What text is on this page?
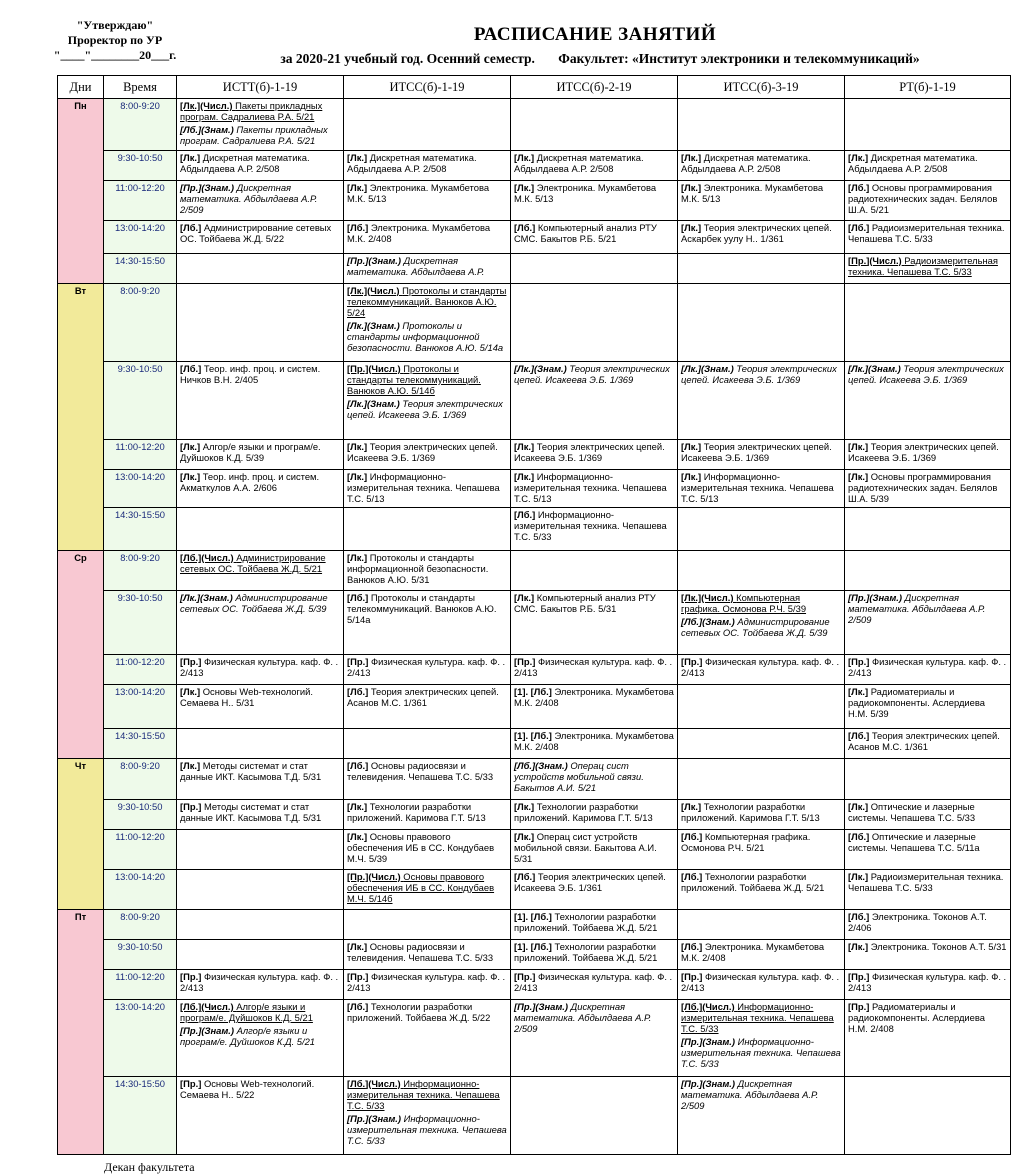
"Утверждаю"
Проректор по УР
"____"________20___г.
РАСПИСАНИЕ ЗАНЯТИЙ
за 2020-21 учебный год. Осенний семестр. Факультет: «Институт электроники и телекоммуникаций»
Дни	Время	ИСТТ(б)-1-19	ИТСС(б)-1-19	ИТСС(б)-2-19	ИТСС(б)-3-19	РТ(б)-1-19
Пн	8:00-9:20	[Лк.](Числ.) Пакеты прикладных програм. Садралиева Р.А. 5/21
[Лб.](Знам.) Пакеты прикладных програм. Садралиева Р.А. 5/21				

	9:30-10:50	[Лк.] Дискретная математика. Абдылдаева А.Р. 2/508	[Лк.] Дискретная математика. Абдылдаева А.Р. 2/508	[Лк.] Дискретная математика. Абдылдаева А.Р. 2/508	[Лк.] Дискретная математика. Абдылдаева А.Р. 2/508	[Лк.] Дискретная математика. Абдылдаева А.Р. 2/508

	11:00-12:20	[Пр.](Знам.) Дискретная математика. Абдылдаева А.Р. 2/509	[Лк.] Электроника. Мукамбетова М.К. 5/13	[Лк.] Электроника. Мукамбетова М.К. 5/13	[Лк.] Электроника. Мукамбетова М.К. 5/13	[Лб.] Основы программирования радиотехнических задач. Белялов Ш.А. 5/21

	13:00-14:20	[Лб.] Администрирование сетевых ОС. Тойбаева Ж.Д. 5/22	[Лб.] Электроника. Мукамбетова М.К. 2/408	[Лб.] Компьютерный анализ РТУ СМС. Бакытов Р.Б. 5/21	[Лк.] Теория электрических цепей. Аскарбек уулу Н.. 1/361	[Лб.] Радиоизмерительная техника. Чепашева Т.С. 5/33

	14:30-15:50		[Пр.](Знам.) Дискретная математика. Абдылдаева А.Р.			[Пр.](Числ.) Радиоизмерительная техника. Чепашева Т.С. 5/33

Вт	8:00-9:20		[Лк.](Числ.) Протоколы и стандарты телекоммуникаций. Ванюков А.Ю. 5/24
[Лк.](Знам.) Протоколы и стандарты информационной безопасности. Ванюков А.Ю. 5/14а			

	9:30-10:50	[Лб.] Теор. инф. проц. и систем. Ничков В.Н. 2/405	[Пр.](Числ.) Протоколы и стандарты телекоммуникаций. Ванюков А.Ю. 5/14б
[Лк.](Знам.) Теория электрических цепей. Исакеева Э.Б. 1/369	[Лк.](Знам.) Теория электрических цепей. Исакеева Э.Б. 1/369	[Лк.](Знам.) Теория электрических цепей. Исакеева Э.Б. 1/369	[Лк.](Знам.) Теория электрических цепей. Исакеева Э.Б. 1/369

	11:00-12:20	[Лк.] Алгор/е языки и програм/е. Дуйшоков К.Д. 5/39	[Лк.] Теория электрических цепей. Исакеева Э.Б. 1/369	[Лк.] Теория электрических цепей. Исакеева Э.Б. 1/369	[Лк.] Теория электрических цепей. Исакеева Э.Б. 1/369	[Лк.] Теория электрических цепей. Исакеева Э.Б. 1/369

	13:00-14:20	[Лк.] Теор. инф. проц. и систем. Акматкулов А.А. 2/606	[Лк.] Информационно-измерительная техника. Чепашева Т.С. 5/13	[Лк.] Информационно-измерительная техника. Чепашева Т.С. 5/13	[Лк.] Информационно-измерительная техника. Чепашева Т.С. 5/13	[Лк.] Основы программирования радиотехнических задач. Белялов Ш.А. 5/39

	14:30-15:50			[Лб.] Информационно-измерительная техника. Чепашева Т.С. 5/33		

Ср	8:00-9:20	[Лб.](Числ.) Администрирование сетевых ОС. Тойбаева Ж.Д. 5/21	[Лк.] Протоколы и стандарты информационной безопасности. Ванюков А.Ю. 5/31			

	9:30-10:50	[Лк.](Знам.) Администрирование сетевых ОС. Тойбаева Ж.Д. 5/39	[Лб.] Протоколы и стандарты телекоммуникаций. Ванюков А.Ю. 5/14а	[Лк.] Компьютерный анализ РТУ СМС. Бакытов Р.Б. 5/31	[Лк.](Числ.) Компьютерная графика. Осмонова Р.Ч. 5/39
[Лб.](Знам.) Администрирование сетевых ОС. Тойбаева Ж.Д. 5/39	[Пр.](Знам.) Дискретная математика. Абдылдаева А.Р. 2/509

	11:00-12:20	[Пр.] Физическая культура. каф. Ф. . 2/413	[Пр.] Физическая культура. каф. Ф. . 2/413	[Пр.] Физическая культура. каф. Ф. . 2/413	[Пр.] Физическая культура. каф. Ф. . 2/413	[Пр.] Физическая культура. каф. Ф. . 2/413

	13:00-14:20	[Лк.] Основы Web-технологий. Семаева Н.. 5/31	[Лб.] Теория электрических цепей. Асанов М.С. 1/361	[1]. [Лб.] Электроника. Мукамбетова М.К. 2/408		[Лк.] Радиоматериалы и радиокомпоненты. Аслердиева Н.М. 5/39

	14:30-15:50			[1]. [Лб.] Электроника. Мукамбетова М.К. 2/408		[Лб.] Теория электрических цепей. Асанов М.С. 1/361

Чт	8:00-9:20	[Лк.] Методы системат и стат данные ИКТ. Касымова Т.Д. 5/31	[Лб.] Основы радиосвязи и телевидения. Чепашева Т.С. 5/33	[Лб.](Знам.) Операц сист устройств мобильной связи. Бакытов А.И. 5/21		

	9:30-10:50	[Пр.] Методы системат и стат данные ИКТ. Касымова Т.Д. 5/31	[Лк.] Технологии разработки приложений. Каримова Г.Т. 5/13	[Лк.] Технологии разработки приложений. Каримова Г.Т. 5/13	[Лк.] Технологии разработки приложений. Каримова Г.Т. 5/13	[Лк.] Оптические и лазерные системы. Чепашева Т.С. 5/33

	11:00-12:20		[Лк.] Основы правового обеспечения ИБ в СС. Кондубаев М.Ч. 5/39	[Лк.] Операц сист устройств мобильной связи. Бакытова А.И. 5/31	[Лб.] Компьютерная графика. Осмонова Р.Ч. 5/21	[Лб.] Оптические и лазерные системы. Чепашева Т.С. 5/11а

	13:00-14:20		[Пр.](Числ.) Основы правового обеспечения ИБ в СС. Кондубаев М.Ч. 5/14б	[Лб.] Теория электрических цепей. Исакеева Э.Б. 1/361	[Лб.] Технологии разработки приложений. Тойбаева Ж.Д. 5/21	[Лк.] Радиоизмерительная техника. Чепашева Т.С. 5/33

Пт	8:00-9:20			[1]. [Лб.] Технологии разработки приложений. Тойбаева Ж.Д. 5/21		[Лб.] Электроника. Токонов А.Т. 2/406

	9:30-10:50		[Лк.] Основы радиосвязи и телевидения. Чепашева Т.С. 5/33	[1]. [Лб.] Технологии разработки приложений. Тойбаева Ж.Д. 5/21	[Лб.] Электроника. Мукамбетова М.К. 2/408	[Лк.] Электроника. Токонов А.Т. 5/31

	11:00-12:20	[Пр.] Физическая культура. каф. Ф. . 2/413	[Пр.] Физическая культура. каф. Ф. . 2/413	[Пр.] Физическая культура. каф. Ф. . 2/413	[Пр.] Физическая культура. каф. Ф. . 2/413	[Пр.] Физическая культура. каф. Ф. . 2/413

	13:00-14:20	[Лб.](Числ.) Алгор/е языки и програм/е. Дуйшоков К.Д. 5/21
[Пр.](Знам.) Алгор/е языки и програм/е. Дуйшоков К.Д. 5/21	[Лб.] Технологии разработки приложений. Тойбаева Ж.Д. 5/22	[Пр.](Знам.) Дискретная математика. Абдылдаева А.Р. 2/509	[Лб.](Числ.) Информационно-измерительная техника. Чепашева Т.С. 5/33
[Пр.](Знам.) Информационно-измерительная техника. Чепашева Т.С. 5/33	[Пр.] Радиоматериалы и радиокомпоненты. Аслердиева Н.М. 2/408

	14:30-15:50	[Пр.] Основы Web-технологий. Семаева Н.. 5/22	[Лб.](Числ.) Информационно-измерительная техника. Чепашева Т.С. 5/33
[Пр.](Знам.) Информационно-измерительная техника. Чепашева Т.С. 5/33		[Пр.](Знам.) Дискретная математика. Абдылдаева А.Р. 2/509	

Декан факультета
